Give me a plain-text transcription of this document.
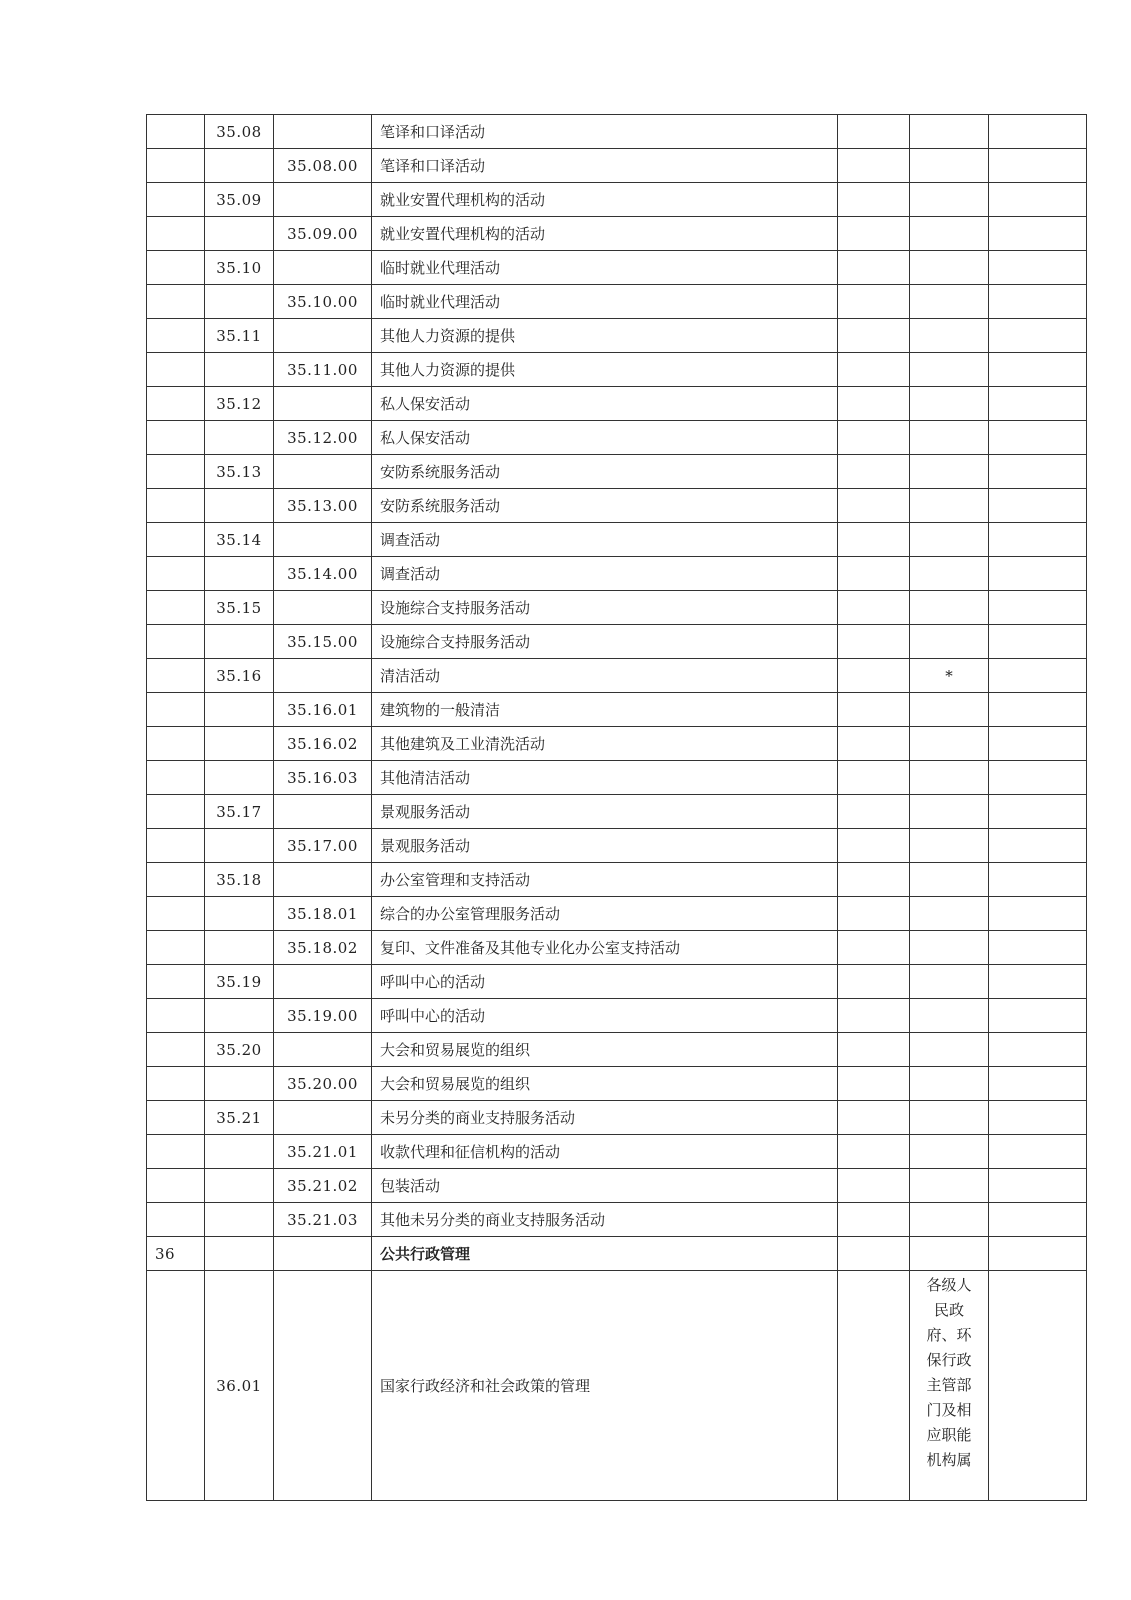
	35.08		笔译和口译活动			
		35.08.00	笔译和口译活动			
	35.09		就业安置代理机构的活动			
		35.09.00	就业安置代理机构的活动			
	35.10		临时就业代理活动			
		35.10.00	临时就业代理活动			
	35.11		其他人力资源的提供			
		35.11.00	其他人力资源的提供			
	35.12		私人保安活动			
		35.12.00	私人保安活动			
	35.13		安防系统服务活动			
		35.13.00	安防系统服务活动			
	35.14		调查活动			
		35.14.00	调查活动			
	35.15		设施综合支持服务活动			
		35.15.00	设施综合支持服务活动			
	35.16		清洁活动		*	
		35.16.01	建筑物的一般清洁			
		35.16.02	其他建筑及工业清洗活动			
		35.16.03	其他清洁活动			
	35.17		景观服务活动			
		35.17.00	景观服务活动			
	35.18		办公室管理和支持活动			
		35.18.01	综合的办公室管理服务活动			
		35.18.02	复印、文件准备及其他专业化办公室支持活动			
	35.19		呼叫中心的活动			
		35.19.00	呼叫中心的活动			
	35.20		大会和贸易展览的组织			
		35.20.00	大会和贸易展览的组织			
	35.21		未另分类的商业支持服务活动			
		35.21.01	收款代理和征信机构的活动			
		35.21.02	包装活动			
		35.21.03	其他未另分类的商业支持服务活动			
36			公共行政管理			
	36.01		国家行政经济和社会政策的管理		各级人民政府、环保行政主管部门及相应职能机构属	
